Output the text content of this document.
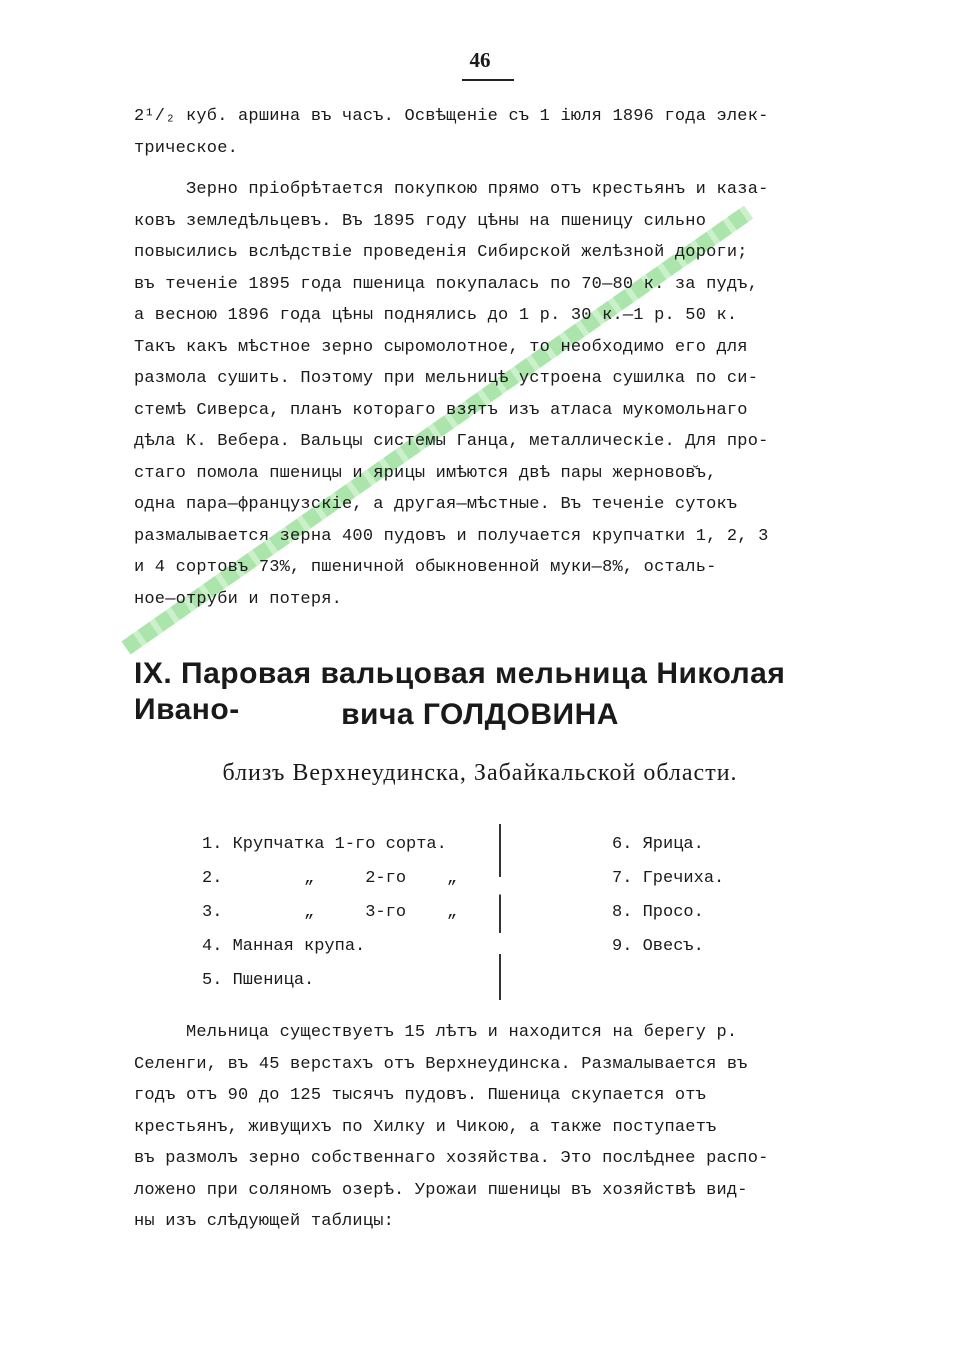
46
2¹/₂ куб. аршина въ часъ. Освѣщеніе съ 1 іюля 1896 года элек-
трическое.
Зерно пріобрѣтается покупкою прямо отъ крестьянъ и каза-
ковъ земледѣльцевъ. Въ 1895 году цѣны на пшеницу сильно
повысились вслѣдствіе проведенія Сибирской желѣзной дороги;
въ теченіе 1895 года пшеница покупалась по 70—80 к. за пудъ,
а весною 1896 года цѣны поднялись до 1 р. 30 к.—1 р. 50 к.
Такъ какъ мѣстное зерно сыромолотное, то необходимо его для
размола сушить. Поэтому при мельницѣ устроена сушилка по си-
стемѣ Сиверса, планъ котораго взятъ изъ атласа мукомольнаго
дѣла К. Вебера. Вальцы системы Ганца, металлическіе. Для про-
стаго помола пшеницы и ярицы имѣются двѣ пары жерновов̆ъ,
одна пара—французскіе, а другая—мѣстные. Въ теченіе сутокъ
размалывается зерна 400 пудовъ и получается крупчатки 1, 2, 3
и 4 сортовъ 73%, пшеничной обыкновенной муки—8%, осталь-
ное—отруби и потеря.
IX. Паровая вальцовая мельница Николая Ивано-	вича ГОЛДОВИНА
близъ Верхнеудинска, Забайкальской области.
1. Крупчатка 1-го сорта.
2.        „     2-го    „
3.        „     3-го    „
4. Манная крупа.
5. Пшеница.
6. Ярица.
7. Гречиха.
8. Просо.
9. Овесъ.
Мельница существуетъ 15 лѣтъ и находится на берегу р.
Селенги, въ 45 верстахъ отъ Верхнеудинска. Размалывается въ
годъ отъ 90 до 125 тысячъ пудовъ. Пшеница скупается отъ
крестьянъ, живущихъ по Хилку и Чикою, а также поступаетъ
въ размолъ зерно собственнаго хозяйства. Это послѣднее распо-
ложено при соляномъ озерѣ. Урожаи пшеницы въ хозяйствѣ вид-
ны изъ слѣдующей таблицы:
